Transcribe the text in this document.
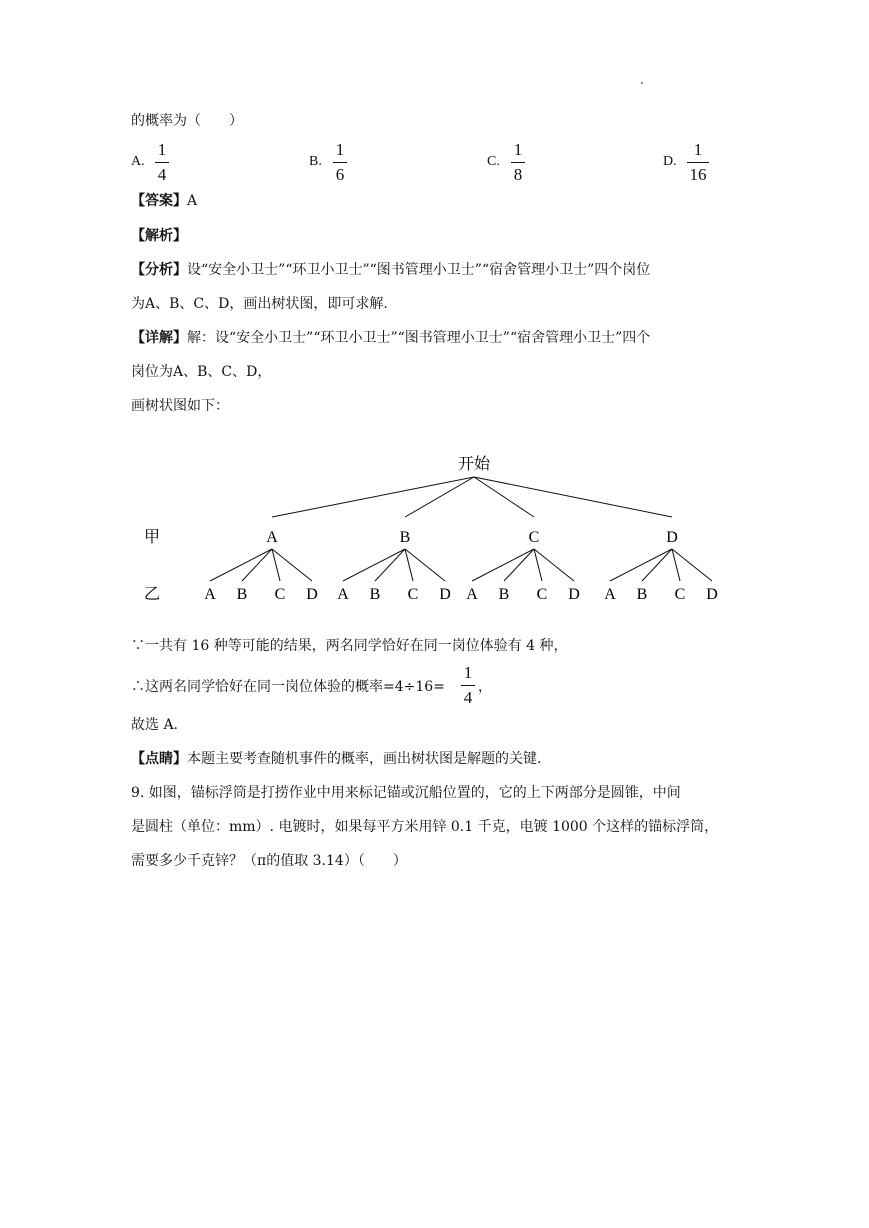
的概率为（　　）
A.
1
4
B.
1
6
C.
1
8
D.
1
16
【答案】A
【解析】
【分析】设“安全小卫士”“环卫小卫士”“图书管理小卫士”“宿舍管理小卫士”四个岗位
为A、B、C、D，画出树状图，即可求解.
【详解】解：设“安全小卫士”“环卫小卫士”“图书管理小卫士”“宿舍管理小卫士”四个
岗位为A、B、C、D，
画树状图如下：
开始
甲
乙
A	B	C	D
A B C D A B C D A B C D A B C D
∵一共有 16 种等可能的结果，两名同学恰好在同一岗位体验有 4 种，
∴这两名同学恰好在同一岗位体验的概率=4÷16=
1
4
，
故选 A.
【点睛】本题主要考查随机事件的概率，画出树状图是解题的关键.
9. 如图，锚标浮筒是打捞作业中用来标记锚或沉船位置的，它的上下两部分是圆锥，中间
是圆柱（单位：mm）. 电镀时，如果每平方米用锌 0.1 千克，电镀 1000 个这样的锚标浮筒，
需要多少千克锌？（π的值取 3.14）（　　）
